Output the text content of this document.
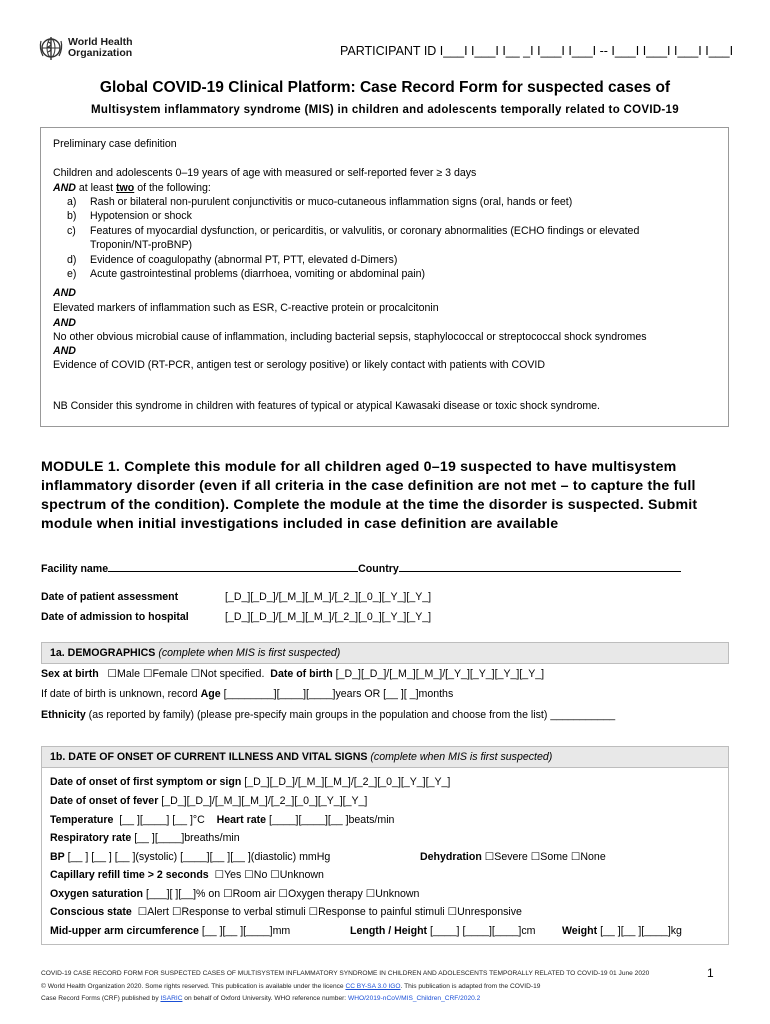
World Health
Organization	PARTICIPANT ID I___I I___I I__ _I I___I I___I -- I___I I___I I___I I___I
Global COVID-19 Clinical Platform: Case Record Form for suspected cases of
Multisystem inflammatory syndrome (MIS) in children and adolescents temporally related to COVID-19

Preliminary case definition

Children and adolescents 0–19 years of age with measured or self-reported fever ≥ 3 days

AND at least two of the following:

a) Rash or bilateral non-purulent conjunctivitis or muco-cutaneous inflammation signs (oral, hands or feet)
b) Hypotension or shock
c) Features of myocardial dysfunction, or pericarditis, or valvulitis, or coronary abnormalities (ECHO findings or elevated
Troponin/NT-proBNP)
d) Evidence of coagulopathy (abnormal PT, PTT, elevated d-Dimers)
e) Acute gastrointestinal problems (diarrhoea, vomiting or abdominal pain)

AND

Elevated markers of inflammation such as ESR, C-reactive protein or procalcitonin

AND

No other obvious microbial cause of inflammation, including bacterial sepsis, staphylococcal or streptococcal shock syndromes

AND

Evidence of COVID (RT-PCR, antigen test or serology positive) or likely contact with patients with COVID

NB Consider this syndrome in children with features of typical or atypical Kawasaki disease or toxic shock syndrome.

MODULE 1. Complete this module for all children aged 0–19 suspected to have multisystem inflammatory disorder (even if all criteria in the case definition are not met – to capture the full spectrum of the condition). Complete the module at the time the disorder is suspected. Submit module when initial investigations included in case definition are available
Facility name	Country
Date of patient assessment	[_D_][_D_]/[_M_][_M_]/[_2_][_0_][_Y_][_Y_]
Date of admission to hospital	[_D_][_D_]/[_M_][_M_]/[_2_][_0_][_Y_][_Y_]
1a. DEMOGRAPHICS (complete when MIS is first suspected)
Sex at birth ☐Male ☐Female ☐Not specified. Date of birth [_D_][_D_]/[_M_][_M_]/[_Y_][_Y_][_Y_][_Y_]
If date of birth is unknown, record Age [________][____][____]years OR [__ ][ _]months
Ethnicity (as reported by family) (please pre-specify main groups in the population and choose from the list) ___________
1b. DATE OF ONSET OF CURRENT ILLNESS AND VITAL SIGNS (complete when MIS is first suspected)
Date of onset of first symptom or sign [_D_][_D_]/[_M_][_M_]/[_2_][_0_][_Y_][_Y_]
Date of onset of fever [_D_][_D_]/[_M_][_M_]/[_2_][_0_][_Y_][_Y_]
Temperature [__ ][____] [__ ]°C Heart rate [____][____][__ ]beats/min
Respiratory rate [__ ][____]breaths/min
BP [__ ] [__ ] [__ ](systolic) [____][__ ][__ ](diastolic) mmHg	Dehydration ☐Severe ☐Some ☐None
Capillary refill time > 2 seconds ☐Yes ☐No ☐Unknown
Oxygen saturation [___][ ][__]% on ☐Room air ☐Oxygen therapy ☐Unknown
Conscious state ☐Alert ☐Response to verbal stimuli ☐Response to painful stimuli ☐Unresponsive
Mid-upper arm circumference [__ ][__ ][____]mm	Length / Height [____] [____][____]cm	Weight [__ ][__ ][____]kg
COVID-19 CASE RECORD FORM FOR SUSPECTED CASES OF MULTISYSTEM INFLAMMATORY SYNDROME IN CHILDREN AND ADOLESCENTS TEMPORALLY RELATED TO COVID-19 01 June 2020
© World Health Organization 2020. Some rights reserved. This publication is available under the licence CC BY-SA 3.0 IGO. This publication is adapted from the COVID-19
Case Record Forms (CRF) published by ISARIC on behalf of Oxford University. WHO reference number: WHO/2019-nCoV/MIS_Children_CRF/2020.2
1
